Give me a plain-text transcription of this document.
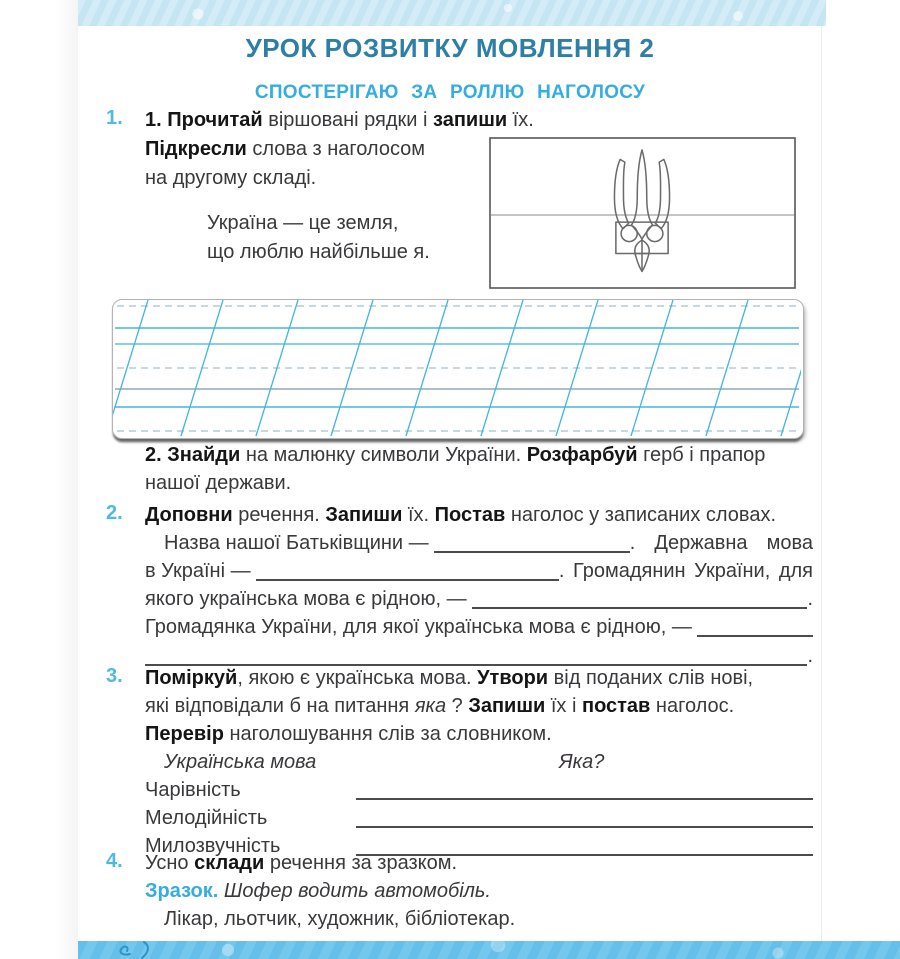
УРОК РОЗВИТКУ МОВЛЕННЯ 2
СПОСТЕРІГАЮ ЗА РОЛЛЮ НАГОЛОСУ
1.
2.
3.
4.
1. Прочитай віршовані рядки і запиши їх.
Підкресли слова з наголосом
на другому складі.
Україна — це земля,
що люблю найбільше я.
2. Знайди на малюнку символи України. Розфарбуй герб і прапор
нашої держави.
Доповни речення. Запиши їх. Постав наголос у записаних словах.
Назва нашої Батьківщини —	.  Державна  мова
в Україні —	. Громадянин України, для
якого українська мова є рідною, —	.
Громадянка України, для якої українська мова є рідною, —
.
Поміркуй , якою є українська мова. Утвори від поданих слів нові,
які відповідали б на питання яка ? Запиши їх і постав наголос.
Перевір наголошування слів за словником.
Українська мова	Яка?
Чарівність
Мелодійність
Милозвучність
Усно склади речення за зразком.
Зразок. Шофер водить автомобіль.
Лікар, льотчик, художник, бібліотекар.
